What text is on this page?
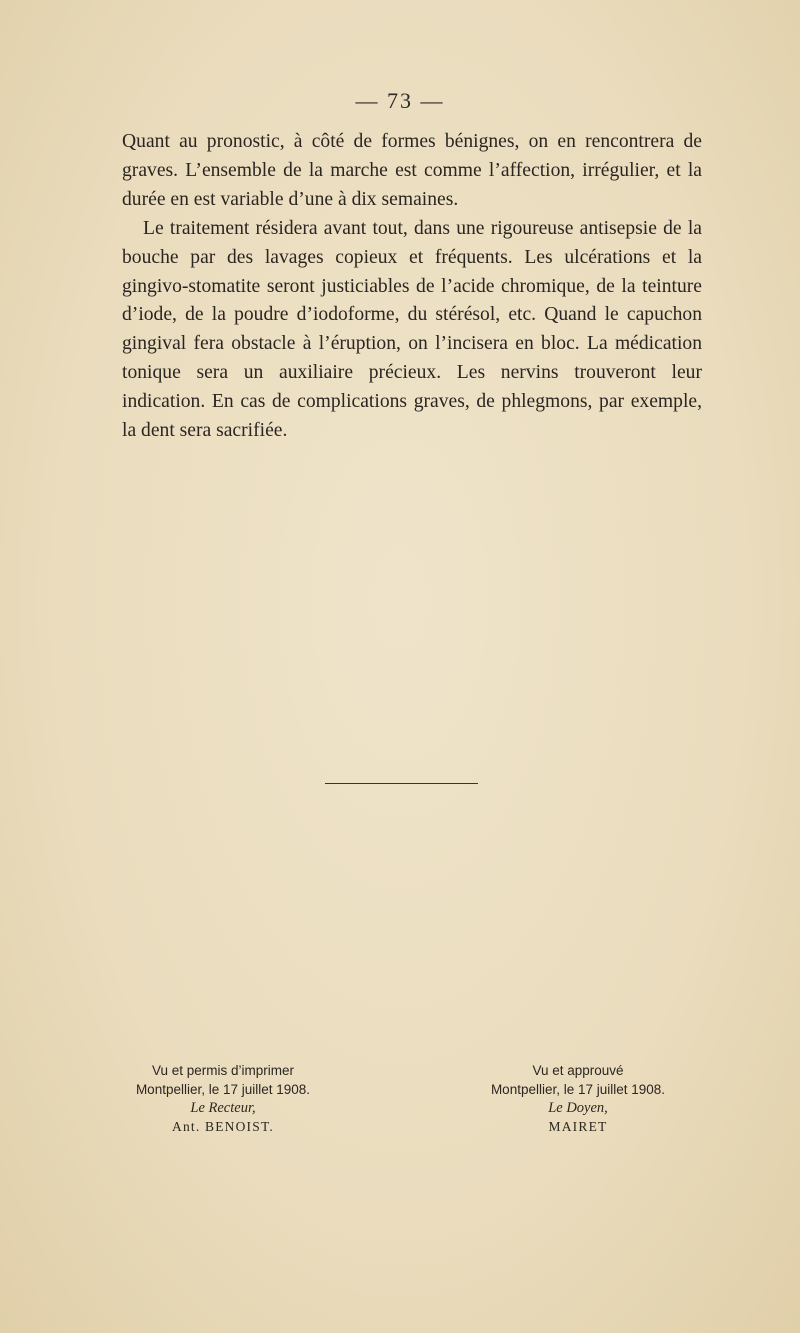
— 73 —

Quant au pronostic, à côté de formes bénignes, on en rencontrera de graves. L’ensemble de la marche est comme l’affection, irrégulier, et la durée en est variable d’une à dix semaines.

Le traitement résidera avant tout, dans une rigoureuse antisepsie de la bouche par des lavages copieux et fréquents. Les ulcérations et la gingivo-stomatite seront justiciables de l’acide chromique, de la teinture d’iode, de la poudre d’iodoforme, du stérésol, etc. Quand le capuchon gingival fera obstacle à l’éruption, on l’incisera en bloc. La médication tonique sera un auxiliaire précieux. Les nervins trouveront leur indication. En cas de complications graves, de phlegmons, par exemple, la dent sera sacrifiée.

Vu et permis d’imprimer
Montpellier, le 17 juillet 1908.
Le Recteur,
Ant. BENOIST.
Vu et approuvé
Montpellier, le 17 juillet 1908.
Le Doyen,
MAIRET
